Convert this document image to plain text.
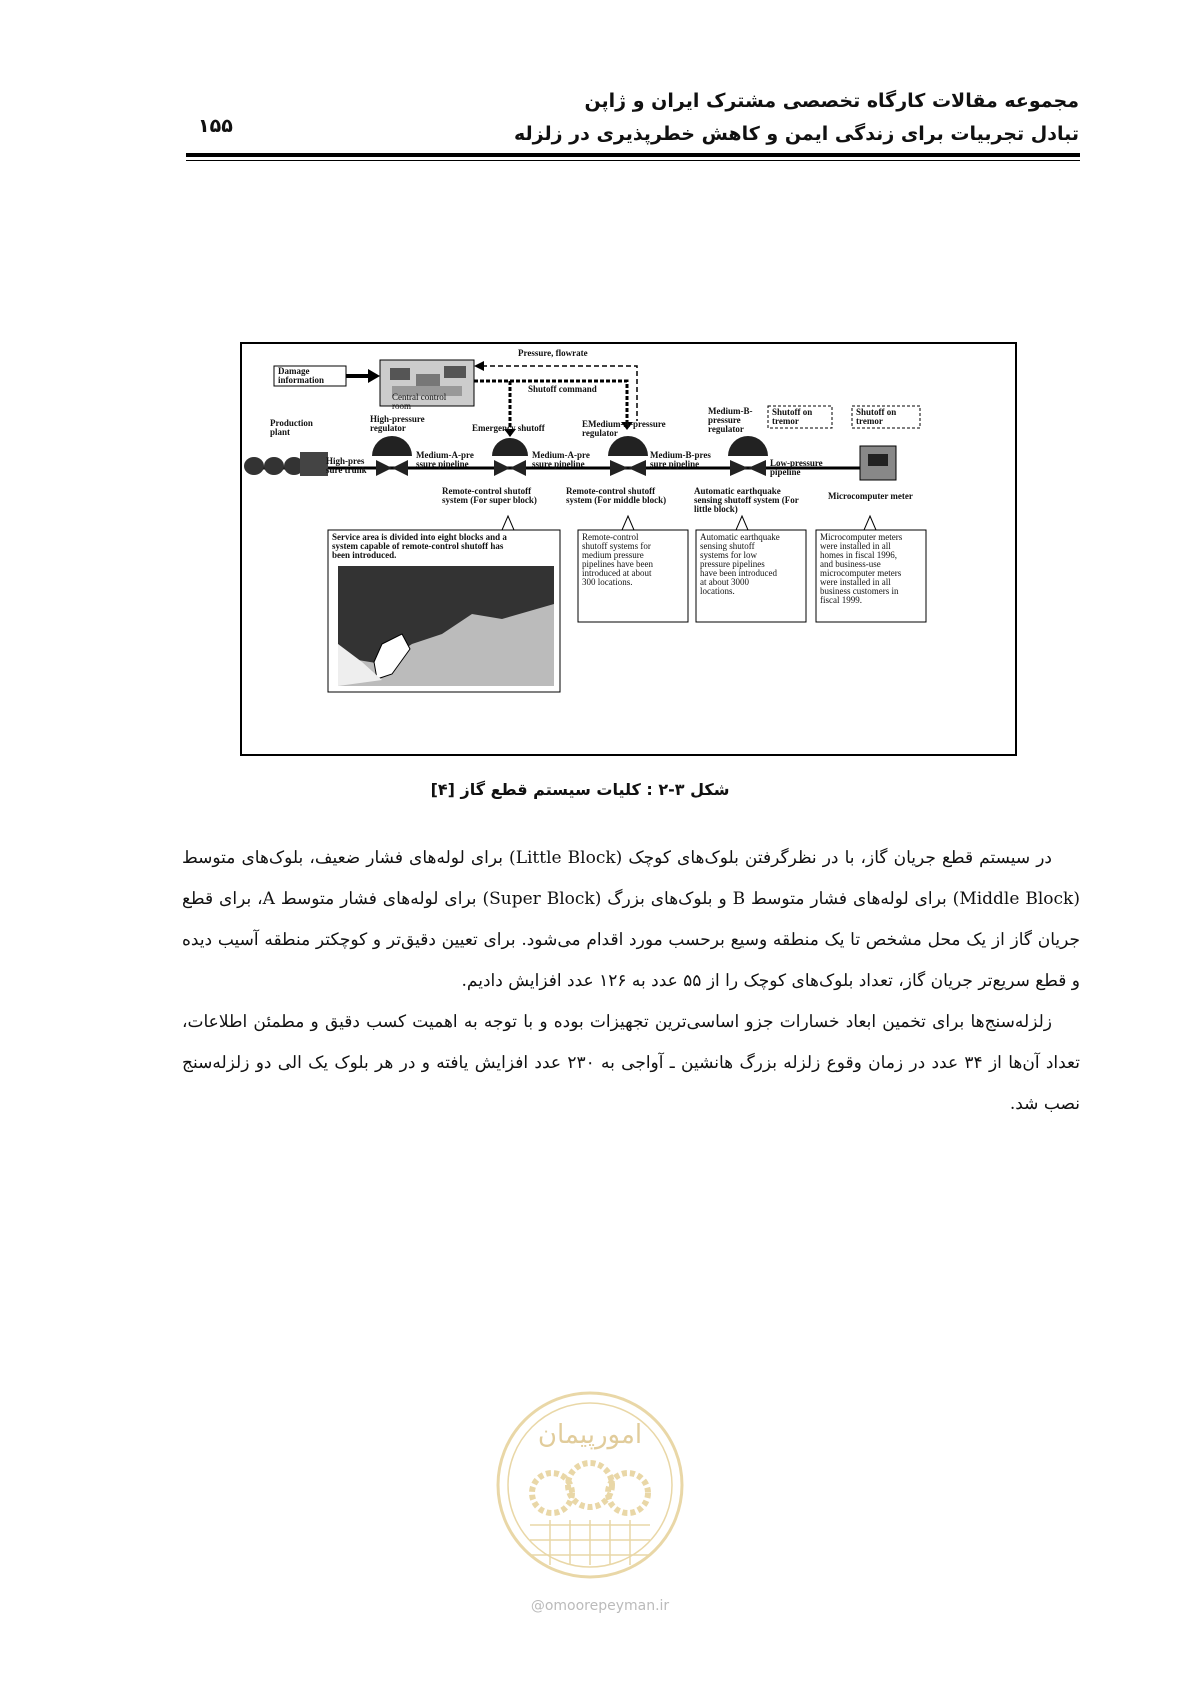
مجموعه مقالات کارگاه تخصصی مشترک ایران و ژاپن
تبادل تجربیات برای زندگی ایمن و کاهش خطرپذیری در زلزله
۱۵۵
Central control
room
Damage
information
Pressure, flowrate
Shutoff command
Production
plant
High-pressure
regulator	Emergency shutoff	EMedium-A-pressure
regulator
Medium-B-
pressure
regulator
Shutoff on
tremor
Shutoff on
tremor
High-pres
sure trunk
Medium-A-pre
ssure pipeline
Medium-A-pre
ssure pipeline
Medium-B-pres
sure pipeline	Low-pressure
pipeline
Remote-control shutoff
system (For super block)
Remote-control shutoff
system (For middle block)
Automatic earthquake
sensing shutoff system (For
little block)
Microcomputer meter
Service area is divided into eight blocks and a
system capable of remote-control shutoff has
been introduced.
Remote-control
shutoff systems for
medium pressure
pipelines have been
introduced at about
300 locations.
Automatic earthquake
sensing shutoff
systems for low
pressure pipelines
have been introduced
at about 3000
locations.
Microcomputer meters
were installed in all
homes in fiscal 1996,
and business-use
microcomputer meters
were installed in all
business customers in
fiscal 1999.
شکل ۳-۲ : کلیات سیستم قطع گاز [۴]

در سیستم قطع جریان گاز، با در نظرگرفتن بلوک‌های کوچک (Little Block) برای لوله‌های فشار ضعیف، بلوک‌های متوسط (Middle Block) برای لوله‌های فشار متوسط B و بلوک‌های بزرگ (Super Block) برای لوله‌های فشار متوسط A، برای قطع جریان گاز از یک محل مشخص تا یک منطقه وسیع برحسب مورد اقدام می‌شود. برای تعیین دقیق‌تر و کوچکتر منطقه آسیب دیده و قطع سریع‌تر جریان گاز، تعداد بلوک‌های کوچک را از ۵۵ عدد به ۱۲۶ عدد افزایش دادیم.

زلزله‌سنج‌ها برای تخمین ابعاد خسارات جزو اساسی‌ترین تجهیزات بوده و با توجه به اهمیت کسب دقیق و مطمئن اطلاعات، تعداد آن‌ها از ۳۴ عدد در زمان وقوع زلزله بزرگ هانشین ـ آواجی به ۲۳۰ عدد افزایش یافته و در هر بلوک یک الی دو زلزله‌سنج نصب شد.

امورپیمان
@omoorepeyman.ir
